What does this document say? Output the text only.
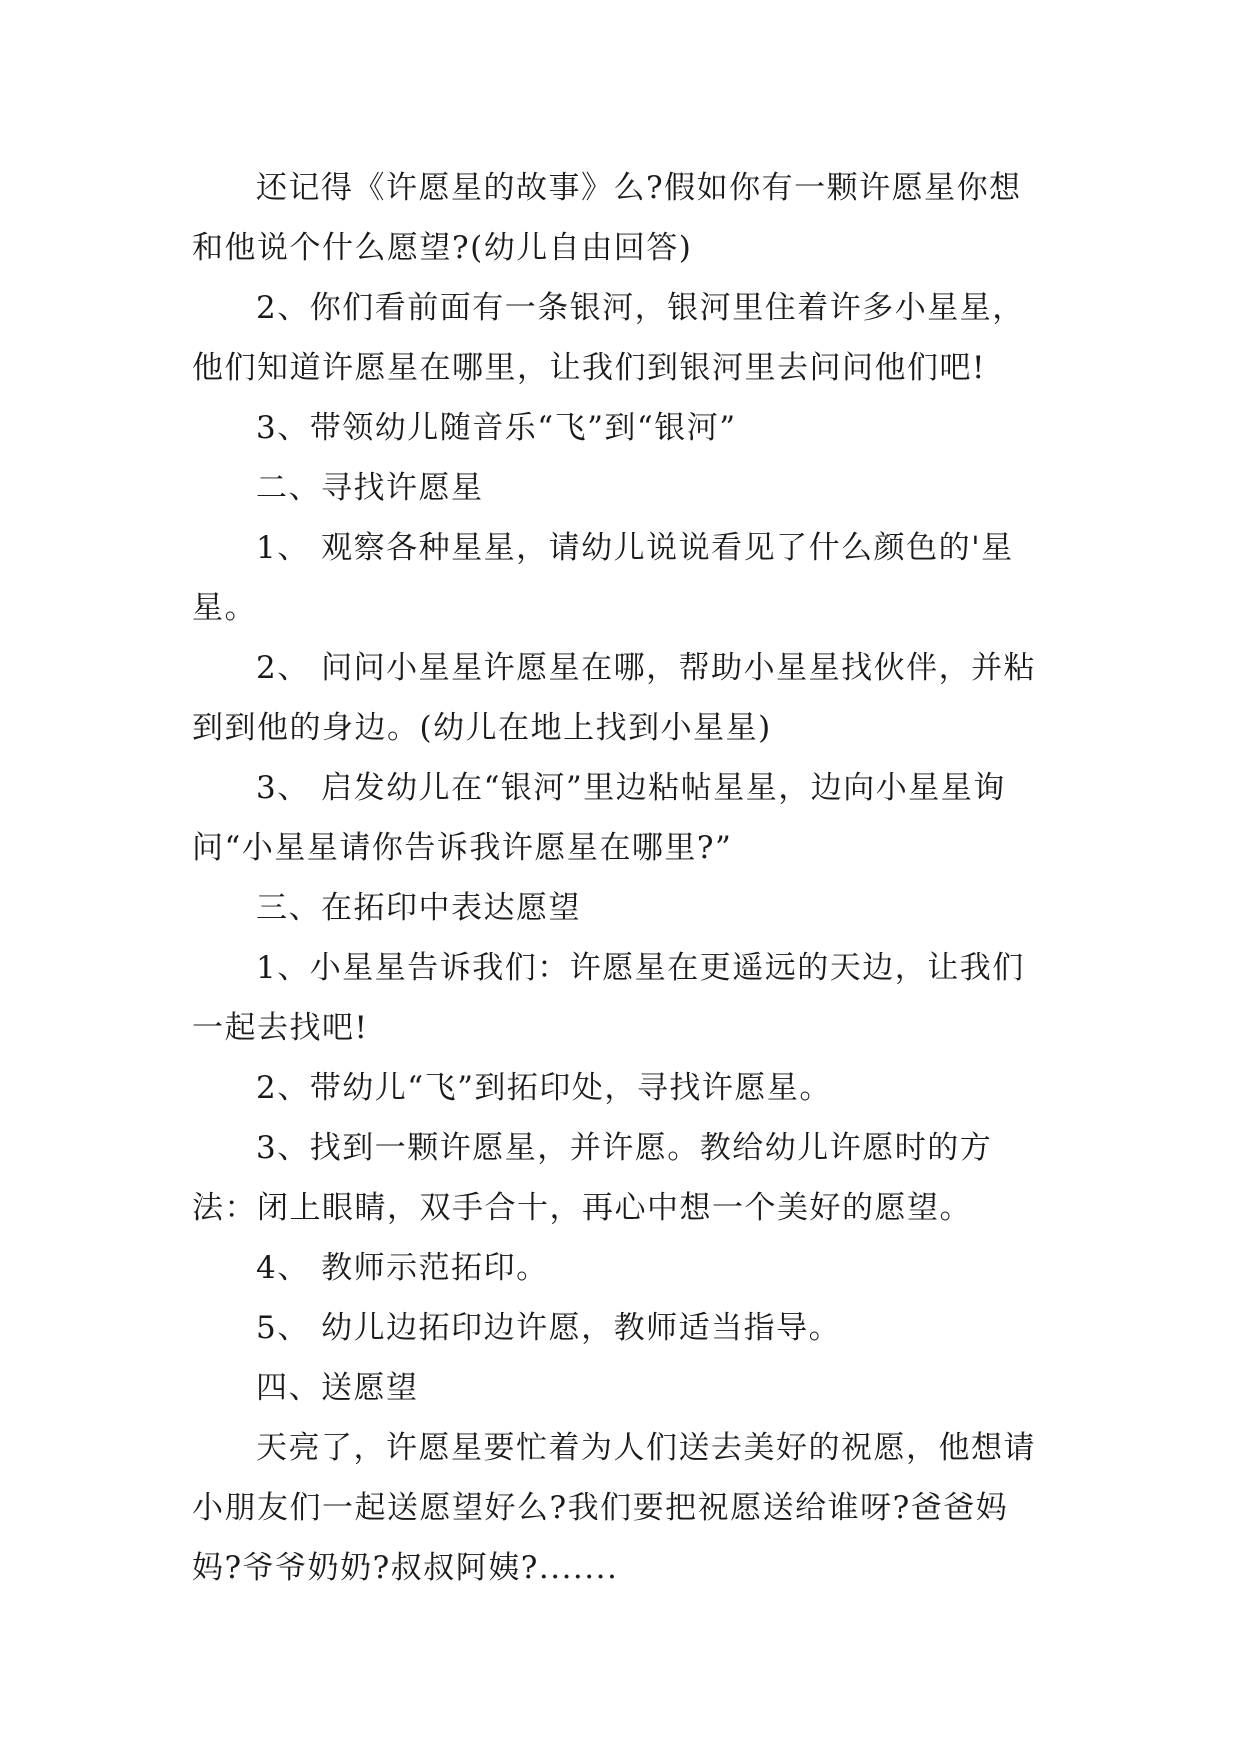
还记得《许愿星的故事》么?假如你有一颗许愿星你想和他说个什么愿望?(幼儿自由回答)

2、你们看前面有一条银河，银河里住着许多小星星，他们知道许愿星在哪里，让我们到银河里去问问他们吧!

3、带领幼儿随音乐“飞”到“银河”

二、寻找许愿星

1、 观察各种星星，请幼儿说说看见了什么颜色的'星星。

2、 问问小星星许愿星在哪，帮助小星星找伙伴，并粘到到他的身边。(幼儿在地上找到小星星)

3、 启发幼儿在“银河”里边粘帖星星，边向小星星询问“小星星请你告诉我许愿星在哪里?”

三、在拓印中表达愿望

1、小星星告诉我们：许愿星在更遥远的天边，让我们一起去找吧!

2、带幼儿“飞”到拓印处，寻找许愿星。

3、找到一颗许愿星，并许愿。教给幼儿许愿时的方法：闭上眼睛，双手合十，再心中想一个美好的愿望。

4、 教师示范拓印。

5、 幼儿边拓印边许愿，教师适当指导。

四、送愿望

天亮了，许愿星要忙着为人们送去美好的祝愿，他想请小朋友们一起送愿望好么?我们要把祝愿送给谁呀?爸爸妈妈?爷爷奶奶?叔叔阿姨?.......
